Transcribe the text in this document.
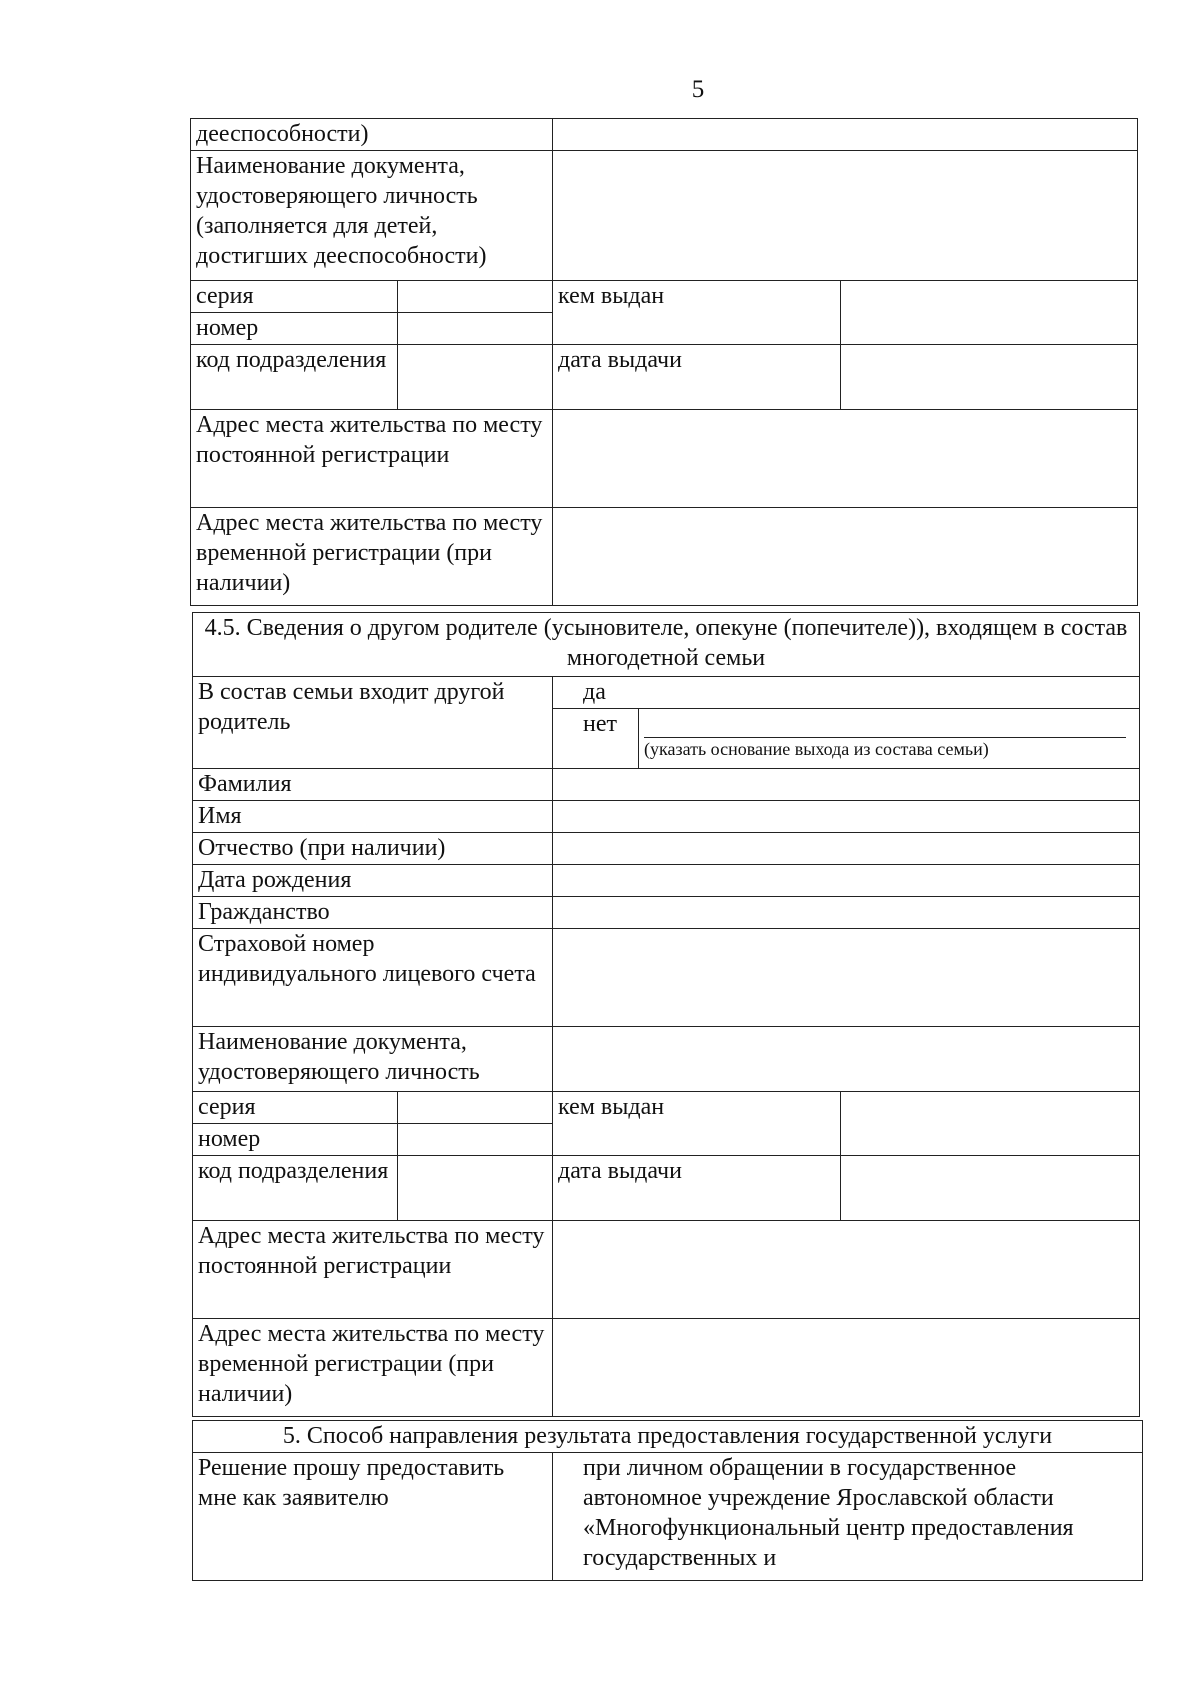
5
дееспособности)			
Наименование документа, удостоверяющего личность (заполняется для детей, достигших дееспособности)			
серия		кем выдан	
номер			
код подразделения		дата выдачи	
Адрес места жительства по месту постоянной регистрации			
Адрес места жительства по месту временной регистрации (при наличии)			
4.5. Сведения о другом родителе (усыновителе, опекуне (попечителе)), входящем в состав многодетной семьи				
В состав семьи входит другой родитель		да		
		нет	(указать основание выхода из состава семьи)	

Фамилия				
Имя				
Отчество (при наличии)				
Дата рождения				
Гражданство				
Страховой номер индивидуального лицевого счета				
Наименование документа, удостоверяющего личность				
серия		кем выдан		
номер				
код подразделения		дата выдачи		
Адрес места жительства по месту постоянной регистрации				
Адрес места жительства по месту временной регистрации (при наличии)				
5. Способ направления результата предоставления государственной услуги
Решение прошу предоставить мне как заявителю	при личном обращении в государственное автономное учреждение Ярославской области «Многофункциональный центр предоставления государственных и
